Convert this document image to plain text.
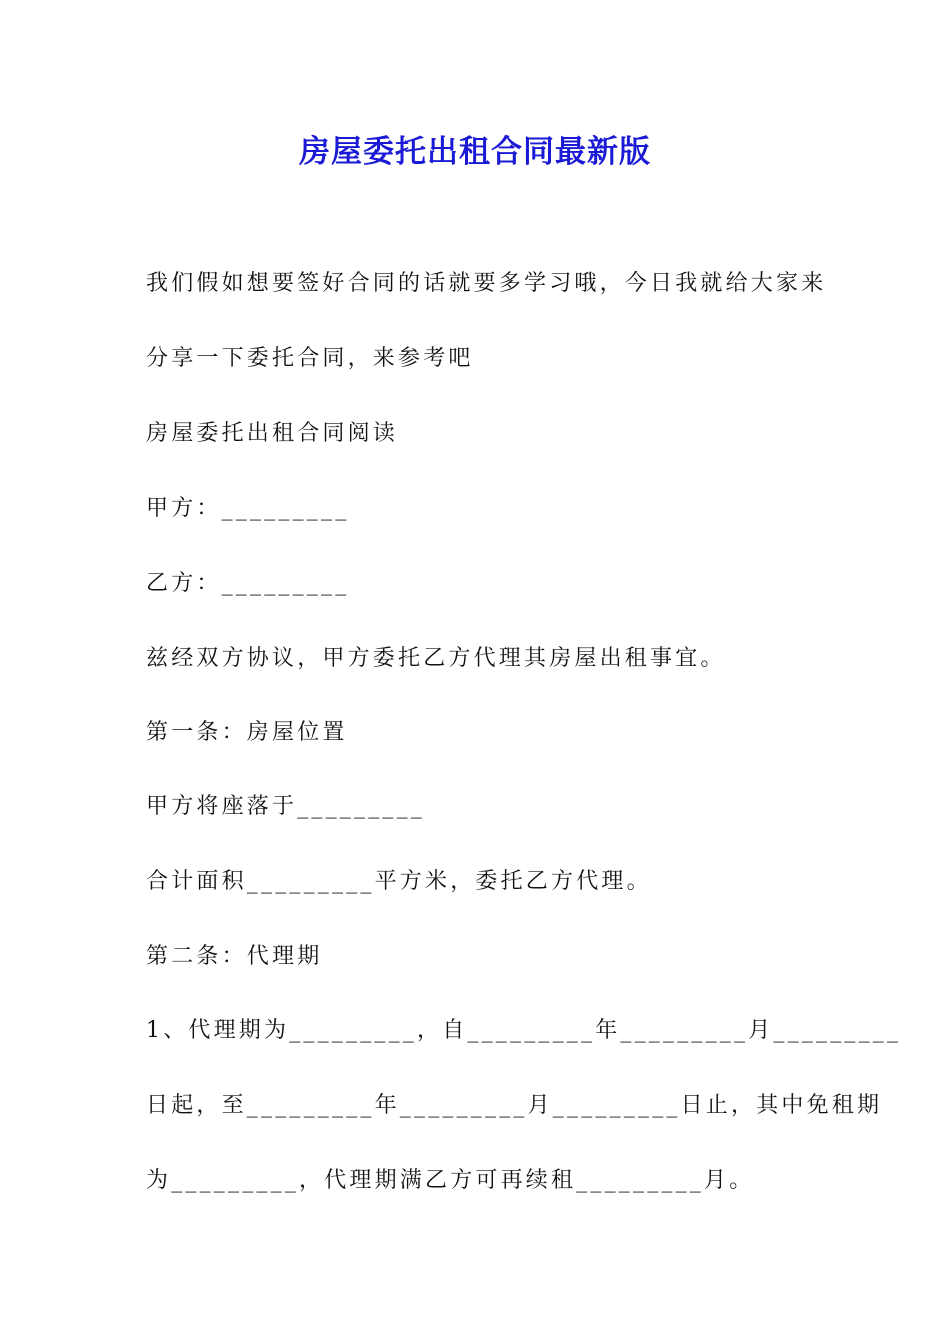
房屋委托出租合同最新版
我们假如想要签好合同的话就要多学习哦，今日我就给大家来
分享一下委托合同，来参考吧
房屋委托出租合同阅读
甲方：_________
乙方：_________
兹经双方协议，甲方委托乙方代理其房屋出租事宜。
第一条：房屋位置
甲方将座落于_________
合计面积_________平方米，委托乙方代理。
第二条：代理期
1、代理期为_________，自_________年_________月_________
日起，至_________年_________月_________日止，其中免租期
为_________，代理期满乙方可再续租_________月。
